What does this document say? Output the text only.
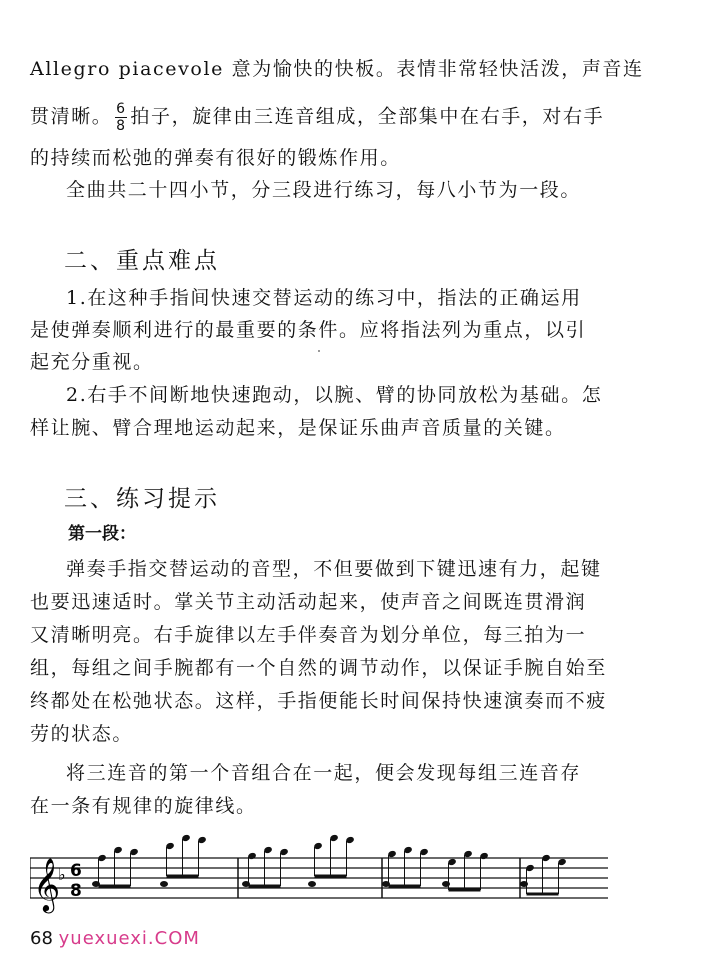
Allegro piacevole 意为愉快的快板。表情非常轻快活泼，声音连
贯清晰。 $\frac{6}{8}$ 拍子，旋律由三连音组成，全部集中在右手，对右手
的持续而松弛的弹奏有很好的锻炼作用。
全曲共二十四小节，分三段进行练习，每八小节为一段。
二、重点难点
1.在这种手指间快速交替运动的练习中，指法的正确运用
是使弹奏顺利进行的最重要的条件。应将指法列为重点，以引
起充分重视。
2.右手不间断地快速跑动，以腕、臂的协同放松为基础。怎
样让腕、臂合理地运动起来，是保证乐曲声音质量的关键。
三、练习提示
第一段：
弹奏手指交替运动的音型，不但要做到下键迅速有力，起键
也要迅速适时。掌关节主动活动起来，使声音之间既连贯滑润
又清晰明亮。右手旋律以左手伴奏音为划分单位，每三拍为一
组，每组之间手腕都有一个自然的调节动作，以保证手腕自始至
终都处在松弛状态。这样，手指便能长时间保持快速演奏而不疲
劳的状态。
将三连音的第一个音组合在一起，便会发现每组三连音存
在一条有规律的旋律线。
𝄞
♭ 6
8
68 yuexuexi.COM
